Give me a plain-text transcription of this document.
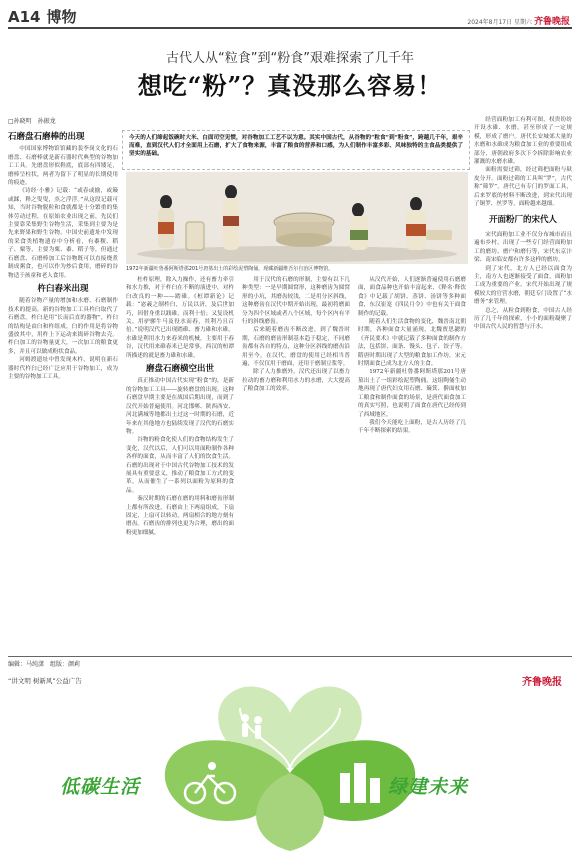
A14 博物	2024年8月17日 星期六 齐鲁晚报
古代人从“粒食”到“粉食”艰难探索了几千年
想吃“粉”？真没那么容易！
□孙晓明　孙振龙
今天的人们缔起饭碗时大米、白面司空见惯，对谷物加工工艺不以为意。其实中国古代，从谷物的“粒食”到“粉食”，跨越几千年，艰辛而难，直到汉代人们才全面用上石磨，扩大了食物来源，丰富了粮食的营养和口感，为人们制作丰富多彩、风味独特的主食品类提供了坚实的基础。
1972年新疆吐鲁番阿斯塔那201号唐墓出土的彩绘泥塑陶俑，现藏新疆维吾尔自治区博物馆。
石磨盘石磨棒的出现

中国国家博物馆馆藏的裴李岗文化的石磨盘、石磨棒就是新石器时代典型的谷物加工工具。先磨盘形似鞋底，底部有四矮足，磨棒呈柱状，两者为留下了明显的长期使用的痕迹。

《诗经·小雅》记载：“或春或揄，或簸或蹂，释之叟叟，烝之浮浮。”从这段记载可知，当时谷物脱粒和食就都是十分繁重的集体劳动过程，在原始农业出现之前，先民们主要靠采集野生谷物生活，采集到主要为是先来野果和野生谷物。中国史前遗址中发现的采食类植物遗存中分析看，有黍稷、稻子、粟等，主要为粟、黍、稻子等，但通过石磨盘、石磨棒加工后谷物既可以直接烧煮制成粥食，也可以作为炒后食用，磨碎的谷物适于孩童和老人食用。

杵臼舂米出现

随着谷物产量的增加和水磨、石磨制作技术的提高，新的谷物加工工具杵臼取代了石磨盘。杵臼是用“长而后直的器物”，杵臼的结构是由臼和杵组成，臼的作用是将谷物盛放其中，用杵上下运动来捣碎谷物去壳。杵臼加工的谷物量更大，一次加工的粮食更多，并且可以做成粉状食品。

河姆渡遗址中曾发现木杵，说明在新石器时代杵臼已经广泛应用于谷物加工，成为主要的谷物加工工具。

杜杵原理，除入力操作，还有畜力牵引和水力推，对于杵臼在不断的演进中，对杵臼改良的一种——踏碓。《桓谭新论》记载：“宓羲之制杵臼，万民以济，及后世加巧，因借身重以践碓，而利十倍；又复设机关，用驴骡牛马及役水而舂，其利乃且百倍。”说明汉代已出现踏碓、畜力碓和水碓。水碓是利用水力来舂米的机械，主要用于舂谷，汉代用来碓舂米已是常事，西汉的桓谭所描述的就是畜力碓和水碓。

磨盘石磨横空出世

真正推动中国古代实现“粉食”的，是新的谷物加工工具——旋转磨盘的出现。这种石磨盘早期主要是在战国后期出现，而到了汉代开始普遍使用。河北邯郸、陕西西安、河北满城等地都出土过这一时期的石磨，近年来在其他地方也陆续发现了汉代的石磨实物。

谷物的粉食化使人们的食物结构发生了变化，汉代以后，人们可以用面粉制作各种各样的面食，从而丰富了人们的饮食生活。石磨的出现对于中国古代谷物加工技术的发展具有重要意义，推动了粮食加工方式的变革，从而催生了一系列以面粉为原料的食品。

秦汉时期的石磨在磨的用料和磨齿形制上都有所改进，石磨由上下两扇组成，下扇固定，上扇可以转动，两扇相合的地方刻有磨齿。石磨齿的排列也更为合理，磨出的面粉更加细腻。

用于汉代的石磨的形制，主要有以下几种类型：一是早期圆窝形，这种磨齿为圆窝形的小坑，其磨齿较浅，二是用分区斜线，这种磨齿在汉代中期开始出现，最初将磨面分为四个区域或者八个区域，每个区内有平行的斜线磨齿。

后来随着磨齿不断改进，到了魏晋时期，石磨的磨齿形制基本趋于稳定，不同磨齿都有各自的特点，这种分区斜线的磨齿沿用至今。在汉代，磨盘的使用已经相当普遍，不仅仅用于磨面，还用于磨制豆浆等。

除了人力推磨外，汉代还出现了以畜力拉动的畜力磨和利用水力的水磨，大大提高了粮食加工的效率。

从汉代开始，人们逐渐普遍使用石磨磨面，面食品种也开始丰富起来，《释名·释饮食》中记载了胡饼、蒸饼、汤饼等多种面食，东汉崔寔《四民月令》中也有关于面食制作的记载。

随着人们生活食物的变化，魏晋南北朝时期，各种面食大量涌现，北魏贾思勰的《齐民要术》中就记载了多种面食的制作方法，包括饼、面条、馒头、包子、饺子等。隋唐时期出现了大型的粮食加工作坊，宋元时期面食已成为北方人的主食。

1972年新疆吐鲁番阿斯塔那201号唐墓出土了一组彩绘泥塑陶俑，这组陶俑生动地再现了唐代妇女用石磨、簸箕、擀面杖加工粮食和制作面食的场景，是唐代面食加工的真实写照，也说明了面食在唐代已经传到了西域地区。

我们今天能吃上面粉，是古人历经了几千年不断探索的结果。

经营面粉加工有利可图，权贵纷纷开设水碓、水磨，甚至形成了一定规模，形成了磨户。唐代长安城郊大量的水磨和水碓成为粮食加工业的重要组成部分，唐朝政府多次下令拆除影响农业灌溉的水磨水碓。

面粉需要过筛，经过筛把面粉与麸皮分开。面粉过筛的工具叫“罗”，古代称“筛罗”。唐代已有专门的罗面工具，后来罗底的材料不断改进，到宋代出现了铜罗、丝罗等，面粉越来越细。

开面粉厂的宋代人

宋代面粉加工业不仅分布城市而且遍布乡村，出现了一些专门经营面粉加工的磨坊、磨户和磨行等，宋代东京汴梁、南宋临安都有许多这样的磨坊。

到了宋代，北方人已经以面食为主，南方人也逐渐接受了面食，面粉加工成为重要的产业。宋代开始出现了规模较大的官营水磨，朝廷专门设置了“水磨务”来管理。

总之，从粒食到粉食，中国古人经历了几千年的探索，小小的面粉凝聚了中国古代人民的智慧与汗水。

编辑：马纯潇　组版：颜莉
“讲文明 树新风”公益广告	齐鲁晚报
低碳生活	绿建未来
